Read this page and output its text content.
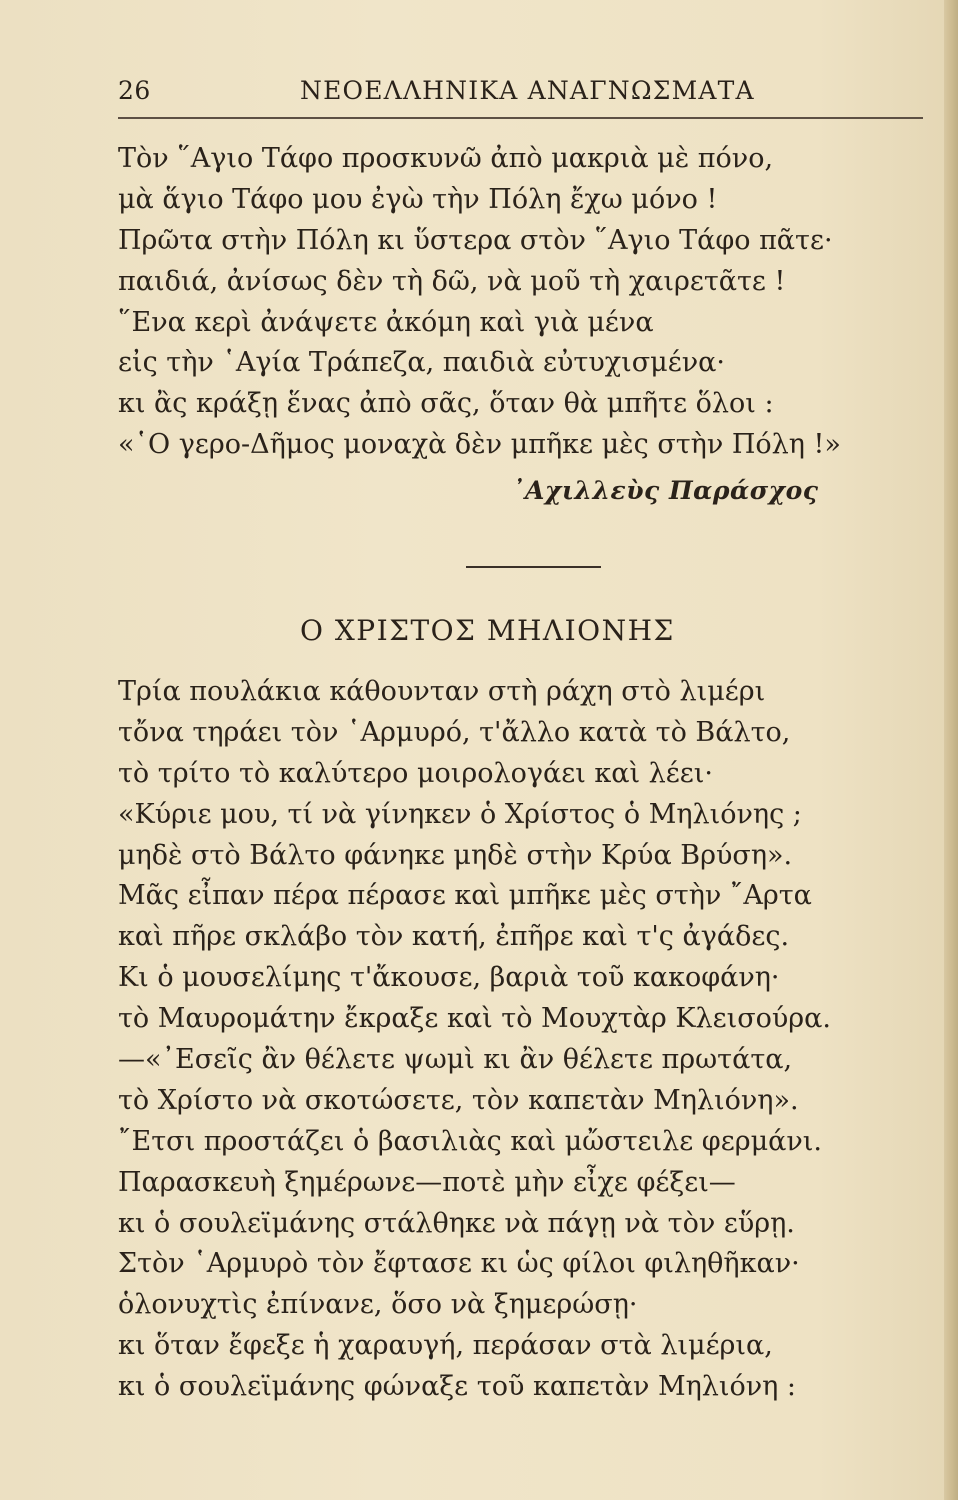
26	ΝΕΟΕΛΛΗΝΙΚΑ ΑΝΑΓΝΩΣΜΑΤΑ
Τὸν ῞Αγιο Τάφο προσκυνῶ ἀπὸ μακριὰ μὲ πόνο,
μὰ ἅγιο Τάφο μου ἐγὼ τὴν Πόλη ἔχω μόνο !
Πρῶτα στὴν Πόλη κι ὕστερα στὸν ῞Αγιο Τάφο πᾶτε·
παιδιά, ἀνίσως δὲν τὴ δῶ, νὰ μοῦ τὴ χαιρετᾶτε !
῞Ενα κερὶ ἀνάψετε ἀκόμη καὶ γιὰ μένα
εἰς τὴν ῾Αγία Τράπεζα, παιδιὰ εὐτυχισμένα·
κι ἂς κράξῃ ἕνας ἀπὸ σᾶς, ὅταν θὰ μπῆτε ὅλοι :
«῾Ο γερο-Δῆμος μοναχὰ δὲν μπῆκε μὲς στὴν Πόλη !»
᾿Αχιλλεὺς Παράσχος
Ο ΧΡΙΣΤΟΣ ΜΗΛΙΟΝΗΣ
Τρία πουλάκια κάθουνταν στὴ ράχη στὸ λιμέρι
τὄνα τηράει τὸν ῾Αρμυρό, τ'ἄλλο κατὰ τὸ Βάλτο,
τὸ τρίτο τὸ καλύτερο μοιρολογάει καὶ λέει·
«Κύριε μου, τί νὰ γίνηκεν ὁ Χρίστος ὁ Μηλιόνης ;
μηδὲ στὸ Βάλτο φάνηκε μηδὲ στὴν Κρύα Βρύση».
Μᾶς εἶπαν πέρα πέρασε καὶ μπῆκε μὲς στὴν ῎Αρτα
καὶ πῆρε σκλάβο τὸν κατή, ἐπῆρε καὶ τ'ς ἀγάδες.
Κι ὁ μουσελίμης τ'ἄκουσε, βαριὰ τοῦ κακοφάνη·
τὸ Μαυρομάτην ἔκραξε καὶ τὸ Μουχτὰρ Κλεισούρα.
—«᾿Εσεῖς ἂν θέλετε ψωμὶ κι ἂν θέλετε πρωτάτα,
τὸ Χρίστο νὰ σκοτώσετε, τὸν καπετὰν Μηλιόνη».
῎Ετσι προστάζει ὁ βασιλιὰς καὶ μὤστειλε φερμάνι.
Παρασκευὴ ξημέρωνε—ποτὲ μὴν εἶχε φέξει—
κι ὁ σουλεϊμάνης στάλθηκε νὰ πάγῃ νὰ τὸν εὕρῃ.
Στὸν ῾Αρμυρὸ τὸν ἔφτασε κι ὡς φίλοι φιληθῆκαν·
ὁλονυχτὶς ἐπίνανε, ὅσο νὰ ξημερώσῃ·
κι ὅταν ἔφεξε ἡ χαραυγή, περάσαν στὰ λιμέρια,
κι ὁ σουλεϊμάνης φώναξε τοῦ καπετὰν Μηλιόνη :
